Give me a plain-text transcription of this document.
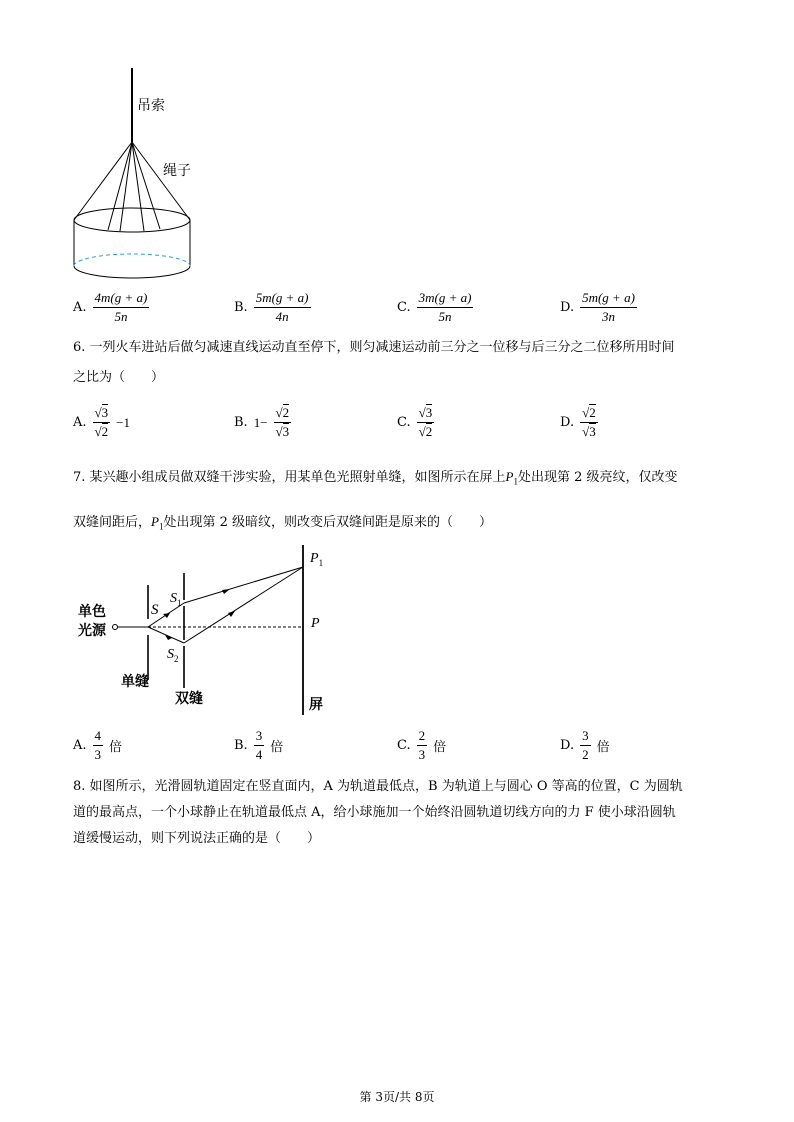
吊索
绳子
A. $\frac{4m(g + a)}{5n}$	B. $\frac{5m(g + a)}{4n}$	C. $\frac{3m(g + a)}{5n}$	D. $\frac{5m(g + a)}{3n}$
6. 一列火车进站后做匀减速直线运动直至停下，则匀减速运动前三分之一位移与后三分之二位移所用时间
之比为（　　）
A. $\frac{√3}{√2} -1$	B. $1- \frac{√2}{√3}$	C. $\frac{√3}{√2}$	D. $\frac{√2}{√3}$
7. 某兴趣小组成员做双缝干涉实验，用某单色光照射单缝，如图所示在屏上$P_1$处出现第 2 级亮纹，仅改变
双缝间距后，$P_1$处出现第 2 级暗纹，则改变后双缝间距是原来的（　　）
单色
光源
S
$S_1$
$S_2$
P
$P_1$
单缝
双缝	屏
A. $\frac{4}{3}$ 倍	B. $\frac{3}{4}$ 倍	C. $\frac{2}{3}$ 倍	D. $\frac{3}{2}$ 倍
8. 如图所示，光滑圆轨道固定在竖直面内，A 为轨道最低点，B 为轨道上与圆心 O 等高的位置，C 为圆轨
道的最高点，一个小球静止在轨道最低点 A，给小球施加一个始终沿圆轨道切线方向的力 F 使小球沿圆轨
道缓慢运动，则下列说法正确的是（　　）
第 3页/共 8页
